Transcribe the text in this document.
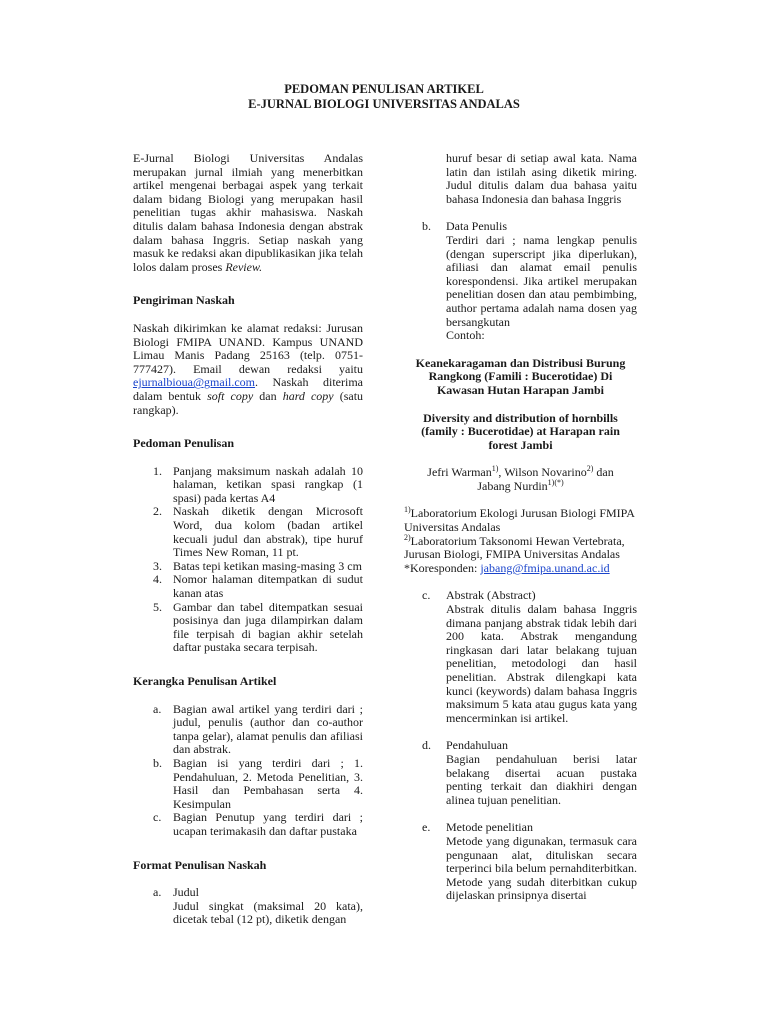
PEDOMAN PENULISAN ARTIKEL
E-JURNAL BIOLOGI UNIVERSITAS ANDALAS

E-Jurnal Biologi Universitas Andalas merupakan jurnal ilmiah yang menerbitkan artikel mengenai berbagai aspek yang terkait dalam bidang Biologi yang merupakan hasil penelitian tugas akhir mahasiswa. Naskah ditulis dalam bahasa Indonesia dengan abstrak dalam bahasa Inggris. Setiap naskah yang masuk ke redaksi akan dipublikasikan jika telah lolos dalam proses Review.

Pengiriman Naskah

Naskah dikirimkan ke alamat redaksi: Jurusan Biologi FMIPA UNAND. Kampus UNAND Limau Manis Padang 25163 (telp. 0751-777427). Email dewan redaksi yaitu ejurnalbioua@gmail.com. Naskah diterima dalam bentuk soft copy dan hard copy (satu rangkap).

Pedoman Penulisan
1. Panjang maksimum naskah adalah 10 halaman, ketikan spasi rangkap (1 spasi) pada kertas A4
2. Naskah diketik dengan Microsoft Word, dua kolom (badan artikel kecuali judul dan abstrak), tipe huruf Times New Roman, 11 pt.
3. Batas tepi ketikan masing-masing 3 cm
4. Nomor halaman ditempatkan di sudut kanan atas
5. Gambar dan tabel ditempatkan sesuai posisinya dan juga dilampirkan dalam file terpisah di bagian akhir setelah daftar pustaka secara terpisah.
Kerangka Penulisan Artikel
a. Bagian awal artikel yang terdiri dari ; judul, penulis (author dan co-author tanpa gelar), alamat penulis dan afiliasi dan abstrak.
b. Bagian isi yang terdiri dari ; 1. Pendahuluan, 2. Metoda Penelitian, 3. Hasil dan Pembahasan serta 4. Kesimpulan
c. Bagian Penutup yang terdiri dari ; ucapan terimakasih dan daftar pustaka
Format Penulisan Naskah
a. Judul
Judul singkat (maksimal 20 kata), dicetak tebal (12 pt), diketik dengan
huruf besar di setiap awal kata. Nama latin dan istilah asing diketik miring. Judul ditulis dalam dua bahasa yaitu bahasa Indonesia dan bahasa Inggris
b. Data Penulis
Terdiri dari ; nama lengkap penulis (dengan superscript jika diperlukan), afiliasi dan alamat email penulis korespondensi. Jika artikel merupakan penelitian dosen dan atau pembimbing, author pertama adalah nama dosen yag bersangkutan
Contoh:
Keanekaragaman dan Distribusi Burung Rangkong (Famili : Bucerotidae) Di Kawasan Hutan Harapan Jambi
Diversity and distribution of hornbills (family : Bucerotidae) at Harapan rain forest Jambi
Jefri Warman$^{1)}$, Wilson Novarino$^{2)}$ dan
Jabang Nurdin$^{1)(*)}$
$^{1)}$Laboratorium Ekologi Jurusan Biologi FMIPA Universitas Andalas
$^{2)}$Laboratorium Taksonomi Hewan Vertebrata, Jurusan Biologi, FMIPA Universitas Andalas
*Koresponden: jabang@fmipa.unand.ac.id
c. Abstrak (Abstract)
Abstrak ditulis dalam bahasa Inggris dimana panjang abstrak tidak lebih dari 200 kata. Abstrak mengandung ringkasan dari latar belakang tujuan penelitian, metodologi dan hasil penelitian. Abstrak dilengkapi kata kunci (keywords) dalam bahasa Inggris maksimum 5 kata atau gugus kata yang mencerminkan isi artikel.
d. Pendahuluan
Bagian pendahuluan berisi latar belakang disertai acuan pustaka penting terkait dan diakhiri dengan alinea tujuan penelitian.
e. Metode penelitian
Metode yang digunakan, termasuk cara pengunaan alat, dituliskan secara terperinci bila belum pernahditerbitkan. Metode yang sudah diterbitkan cukup dijelaskan prinsipnya disertai
